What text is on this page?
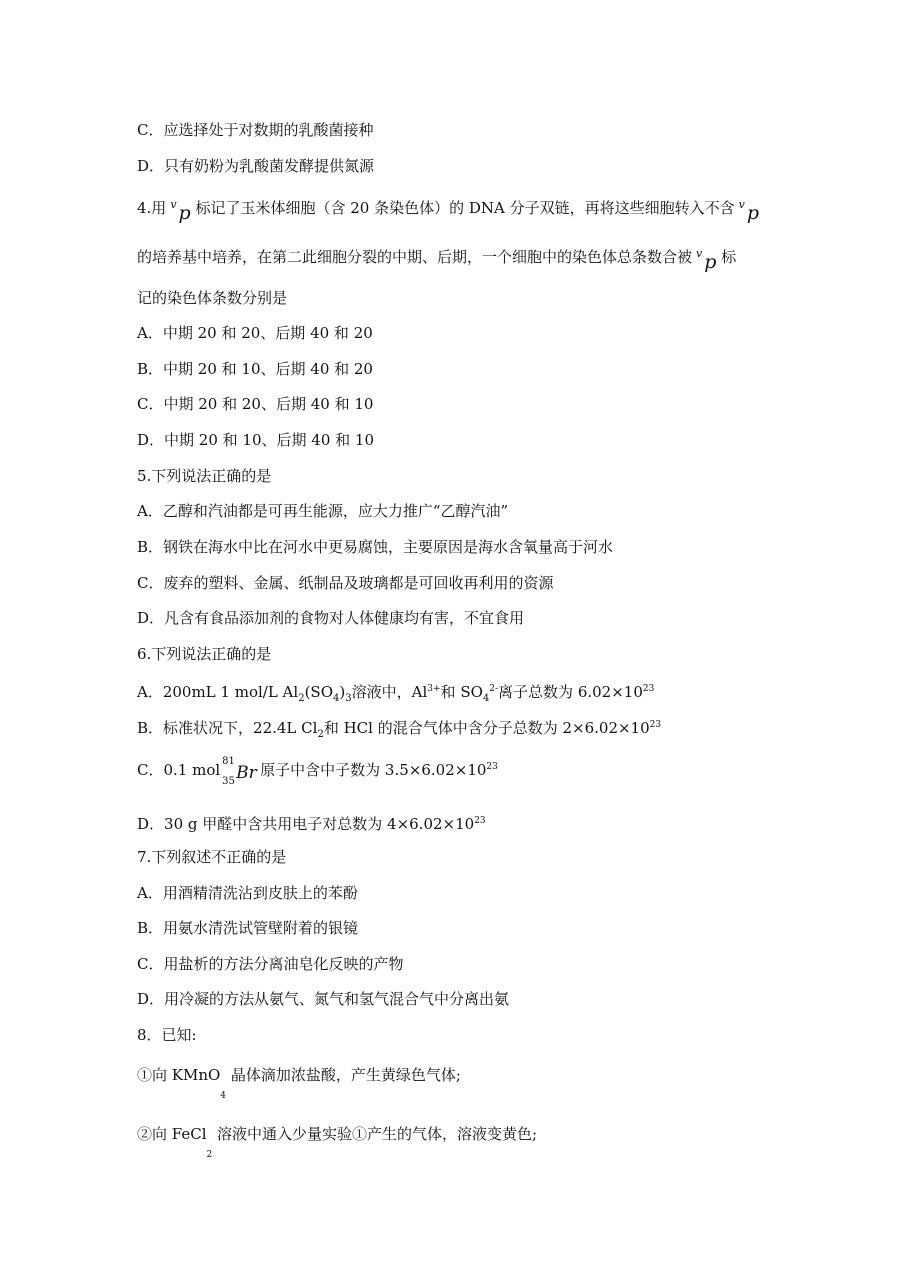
C．应选择处于对数期的乳酸菌接种
D．只有奶粉为乳酸菌发酵提供氮源
4.用 $^v$ p 标记了玉米体细胞（含 20 条染色体）的 DNA 分子双链，再将这些细胞转入不含 $^v$ p
的培养基中培养，在第二此细胞分裂的中期、后期，一个细胞中的染色体总条数合被 $^v$ p 标
记的染色体条数分别是
A．中期 20 和 20、后期 40 和 20
B．中期 20 和 10、后期 40 和 20
C．中期 20 和 20、后期 40 和 10
D．中期 20 和 10、后期 40 和 10
5.下列说法正确的是
A．乙醇和汽油都是可再生能源，应大力推广“乙醇汽油”
B．钢铁在海水中比在河水中更易腐蚀，主要原因是海水含氧量高于河水
C．废弃的塑料、金属、纸制品及玻璃都是可回收再利用的资源
D．凡含有食品添加剂的食物对人体健康均有害，不宜食用
6.下列说法正确的是
A．200mL 1 mol/L $Al_2(SO_4)_3$溶液中，$Al^{3+}$和 $SO_4^{2-}$离子总数为 $6.02\times 10^{23}$
B．标准状况下，22.4L $Cl_2$和 HCl 的混合气体中含分子总数为 $2\times 6.02\times 10^{23}$
C．0.1 mol 81
35 Br 原子中含中子数为 $3.5\times 6.02\times 10^{23}$
D．30 g 甲醛中含共用电子对总数为 $4\times 6.02\times 10^{23}$
7.下列叙述不正确的是
A．用酒精清洗沾到皮肤上的苯酚
B．用氨水清洗试管壁附着的银镜
C．用盐析的方法分离油皂化反映的产物
D．用冷凝的方法从氨气、氮气和氢气混合气中分离出氨
8．已知:
①向 KMnO$_4$ 晶体滴加浓盐酸，产生黄绿色气体;
②向 FeCl$_2$ 溶液中通入少量实验①产生的气体，溶液变黄色;
